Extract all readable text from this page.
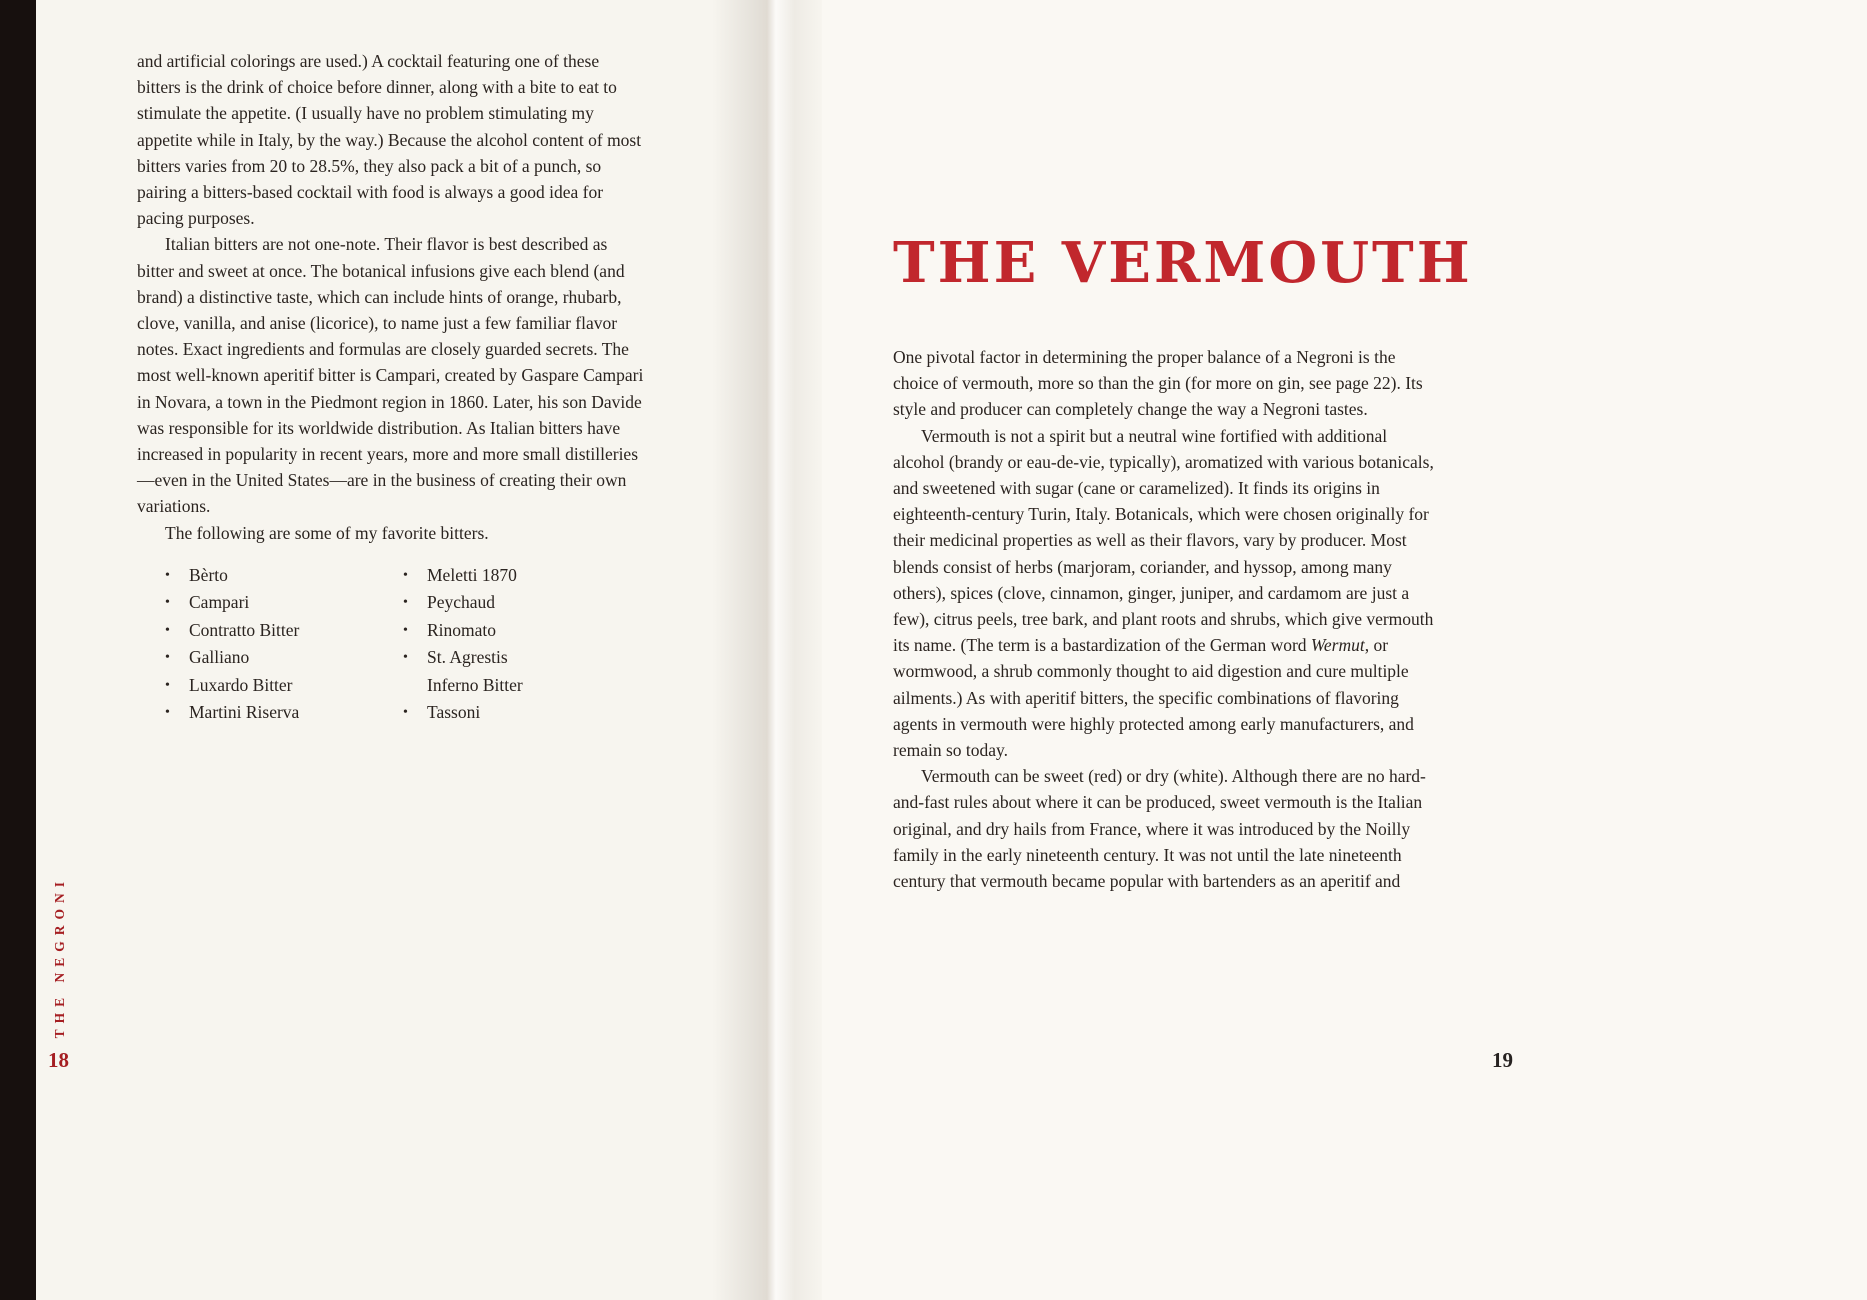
and artificial colorings are used.) A cocktail featuring one of these bitters is the drink of choice before dinner, along with a bite to eat to stimulate the appetite. (I usually have no problem stimulating my appetite while in Italy, by the way.) Because the alcohol content of most bitters varies from 20 to 28.5%, they also pack a bit of a punch, so pairing a bitters-based cocktail with food is always a good idea for pacing purposes.

Italian bitters are not one-note. Their flavor is best described as bitter and sweet at once. The botanical infusions give each blend (and brand) a distinctive taste, which can include hints of orange, rhubarb, clove, vanilla, and anise (licorice), to name just a few familiar flavor notes. Exact ingredients and formulas are closely guarded secrets. The most well-known aperitif bitter is Campari, created by Gaspare Campari in Novara, a town in the Piedmont region in 1860. Later, his son Davide was responsible for its worldwide distribution. As Italian bitters have increased in popularity in recent years, more and more small distilleries—even in the United States—are in the business of creating their own variations.

The following are some of my favorite bitters.

•	Bèrto
•	Campari
•	Contratto Bitter
•	Galliano
•	Luxardo Bitter
•	Martini Riserva
•	Meletti 1870
•	Peychaud
•	Rinomato
•	St. Agrestis Inferno Bitter
•	Tassoni
THE NEGRONI
18
THE VERMOUTH

One pivotal factor in determining the proper balance of a Negroni is the choice of vermouth, more so than the gin (for more on gin, see page 22). Its style and producer can completely change the way a Negroni tastes.

Vermouth is not a spirit but a neutral wine fortified with additional alcohol (brandy or eau-de-vie, typically), aromatized with various botanicals, and sweetened with sugar (cane or caramelized). It finds its origins in eighteenth-century Turin, Italy. Botanicals, which were chosen originally for their medicinal properties as well as their flavors, vary by producer. Most blends consist of herbs (marjoram, coriander, and hyssop, among many others), spices (clove, cinnamon, ginger, juniper, and cardamom are just a few), citrus peels, tree bark, and plant roots and shrubs, which give vermouth its name. (The term is a bastardization of the German word Wermut, or wormwood, a shrub commonly thought to aid digestion and cure multiple ailments.) As with aperitif bitters, the specific combinations of flavoring agents in vermouth were highly protected among early manufacturers, and remain so today.

Vermouth can be sweet (red) or dry (white). Although there are no hard-and-fast rules about where it can be produced, sweet vermouth is the Italian original, and dry hails from France, where it was introduced by the Noilly family in the early nineteenth century. It was not until the late nineteenth century that vermouth became popular with bartenders as an aperitif and

19
